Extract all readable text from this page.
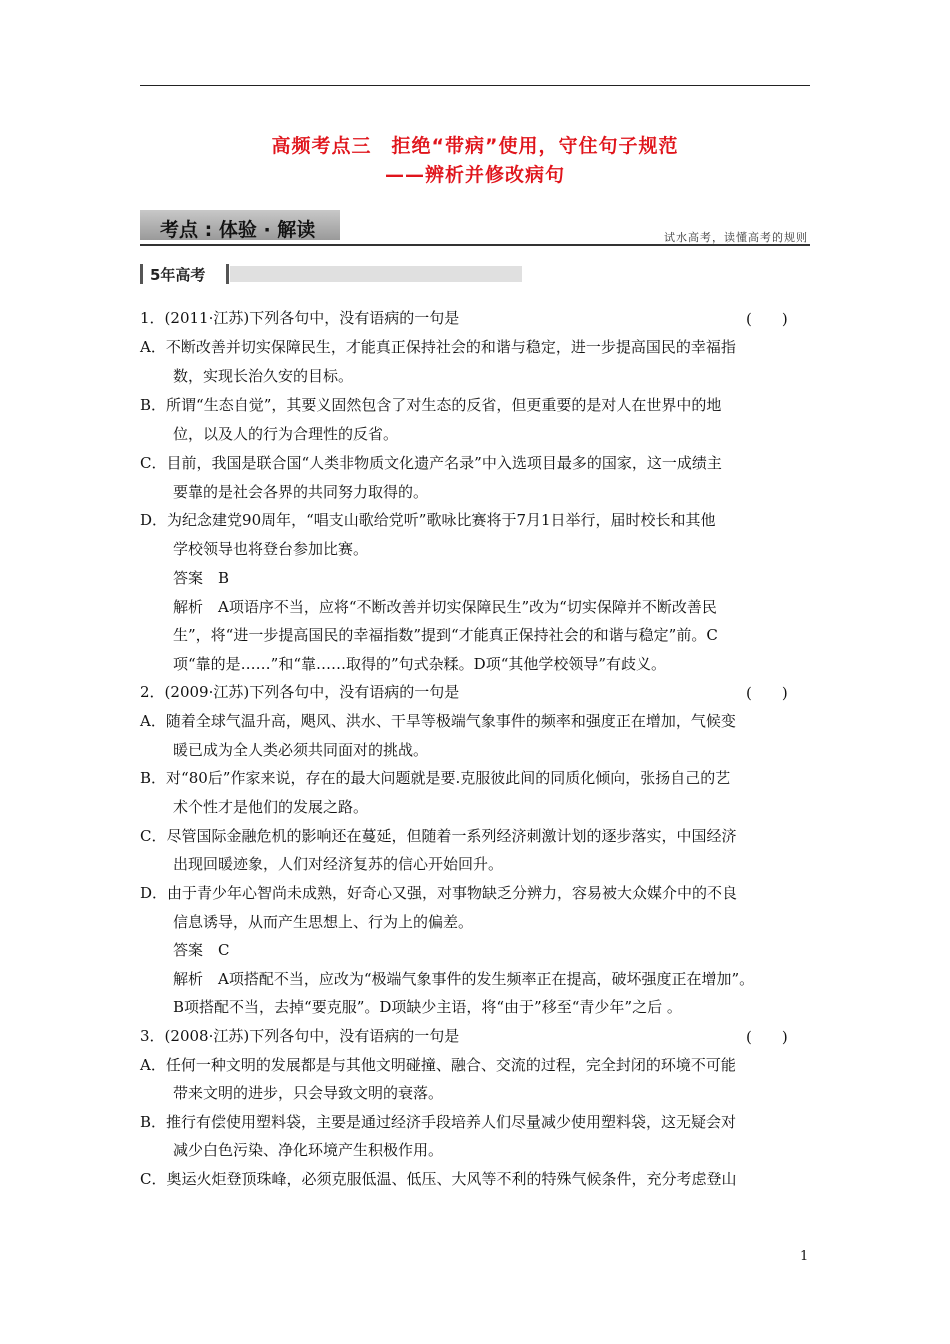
高频考点三　拒绝“带病”使用，守住句子规范
——辨析并修改病句
考点 : 体验 · 解读	试水高考，读懂高考的规则
5年高考
1．(2011·江苏)下列各句中，没有语病的一句是	(　　)
A．不断改善并切实保障民生，才能真正保持社会的和谐与稳定，进一步提高国民的幸福指
数，实现长治久安的目标。
B．所谓“生态自觉”，其要义固然包含了对生态的反省，但更重要的是对人在世界中的地
位，以及人的行为合理性的反省。
C．目前，我国是联合国“人类非物质文化遗产名录”中入选项目最多的国家，这一成绩主
要靠的是社会各界的共同努力取得的。
D．为纪念建党90周年，“唱支山歌给党听”歌咏比赛将于7月1日举行，届时校长和其他
学校领导也将登台参加比赛。
答案　B
解析　A项语序不当，应将“不断改善并切实保障民生”改为“切实保障并不断改善民
生”，将“进一步提高国民的幸福指数”提到“才能真正保持社会的和谐与稳定”前。C
项“靠的是……”和“靠……取得的”句式杂糅。D项“其他学校领导”有歧义。
2．(2009·江苏)下列各句中，没有语病的一句是	(　　)
A．随着全球气温升高，飓风、洪水、干旱等极端气象事件的频率和强度正在增加，气候变
暖已成为全人类必须共同面对的挑战。
B．对“80后”作家来说，存在的最大问题就是要.克服彼此间的同质化倾向，张扬自己的艺
术个性才是他们的发展之路。
C．尽管国际金融危机的影响还在蔓延，但随着一系列经济刺激计划的逐步落实，中国经济
出现回暖迹象，人们对经济复苏的信心开始回升。
D．由于青少年心智尚未成熟，好奇心又强，对事物缺乏分辨力，容易被大众媒介中的不良
信息诱导，从而产生思想上、行为上的偏差。
答案　C
解析　A项搭配不当，应改为“极端气象事件的发生频率正在提高，破坏强度正在增加”。
B项搭配不当，去掉“要克服”。D项缺少主语，将“由于”移至“青少年”之后 。
3．(2008·江苏)下列各句中，没有语病的一句是	(　　)
A．任何一种文明的发展都是与其他文明碰撞、融合、交流的过程，完全封闭的环境不可能
带来文明的进步，只会导致文明的衰落。
B．推行有偿使用塑料袋，主要是通过经济手段培养人们尽量减少使用塑料袋，这无疑会对
减少白色污染、净化环境产生积极作用。
C．奥运火炬登顶珠峰，必须克服低温、低压、大风等不利的特殊气候条件，充分考虑登山
1
